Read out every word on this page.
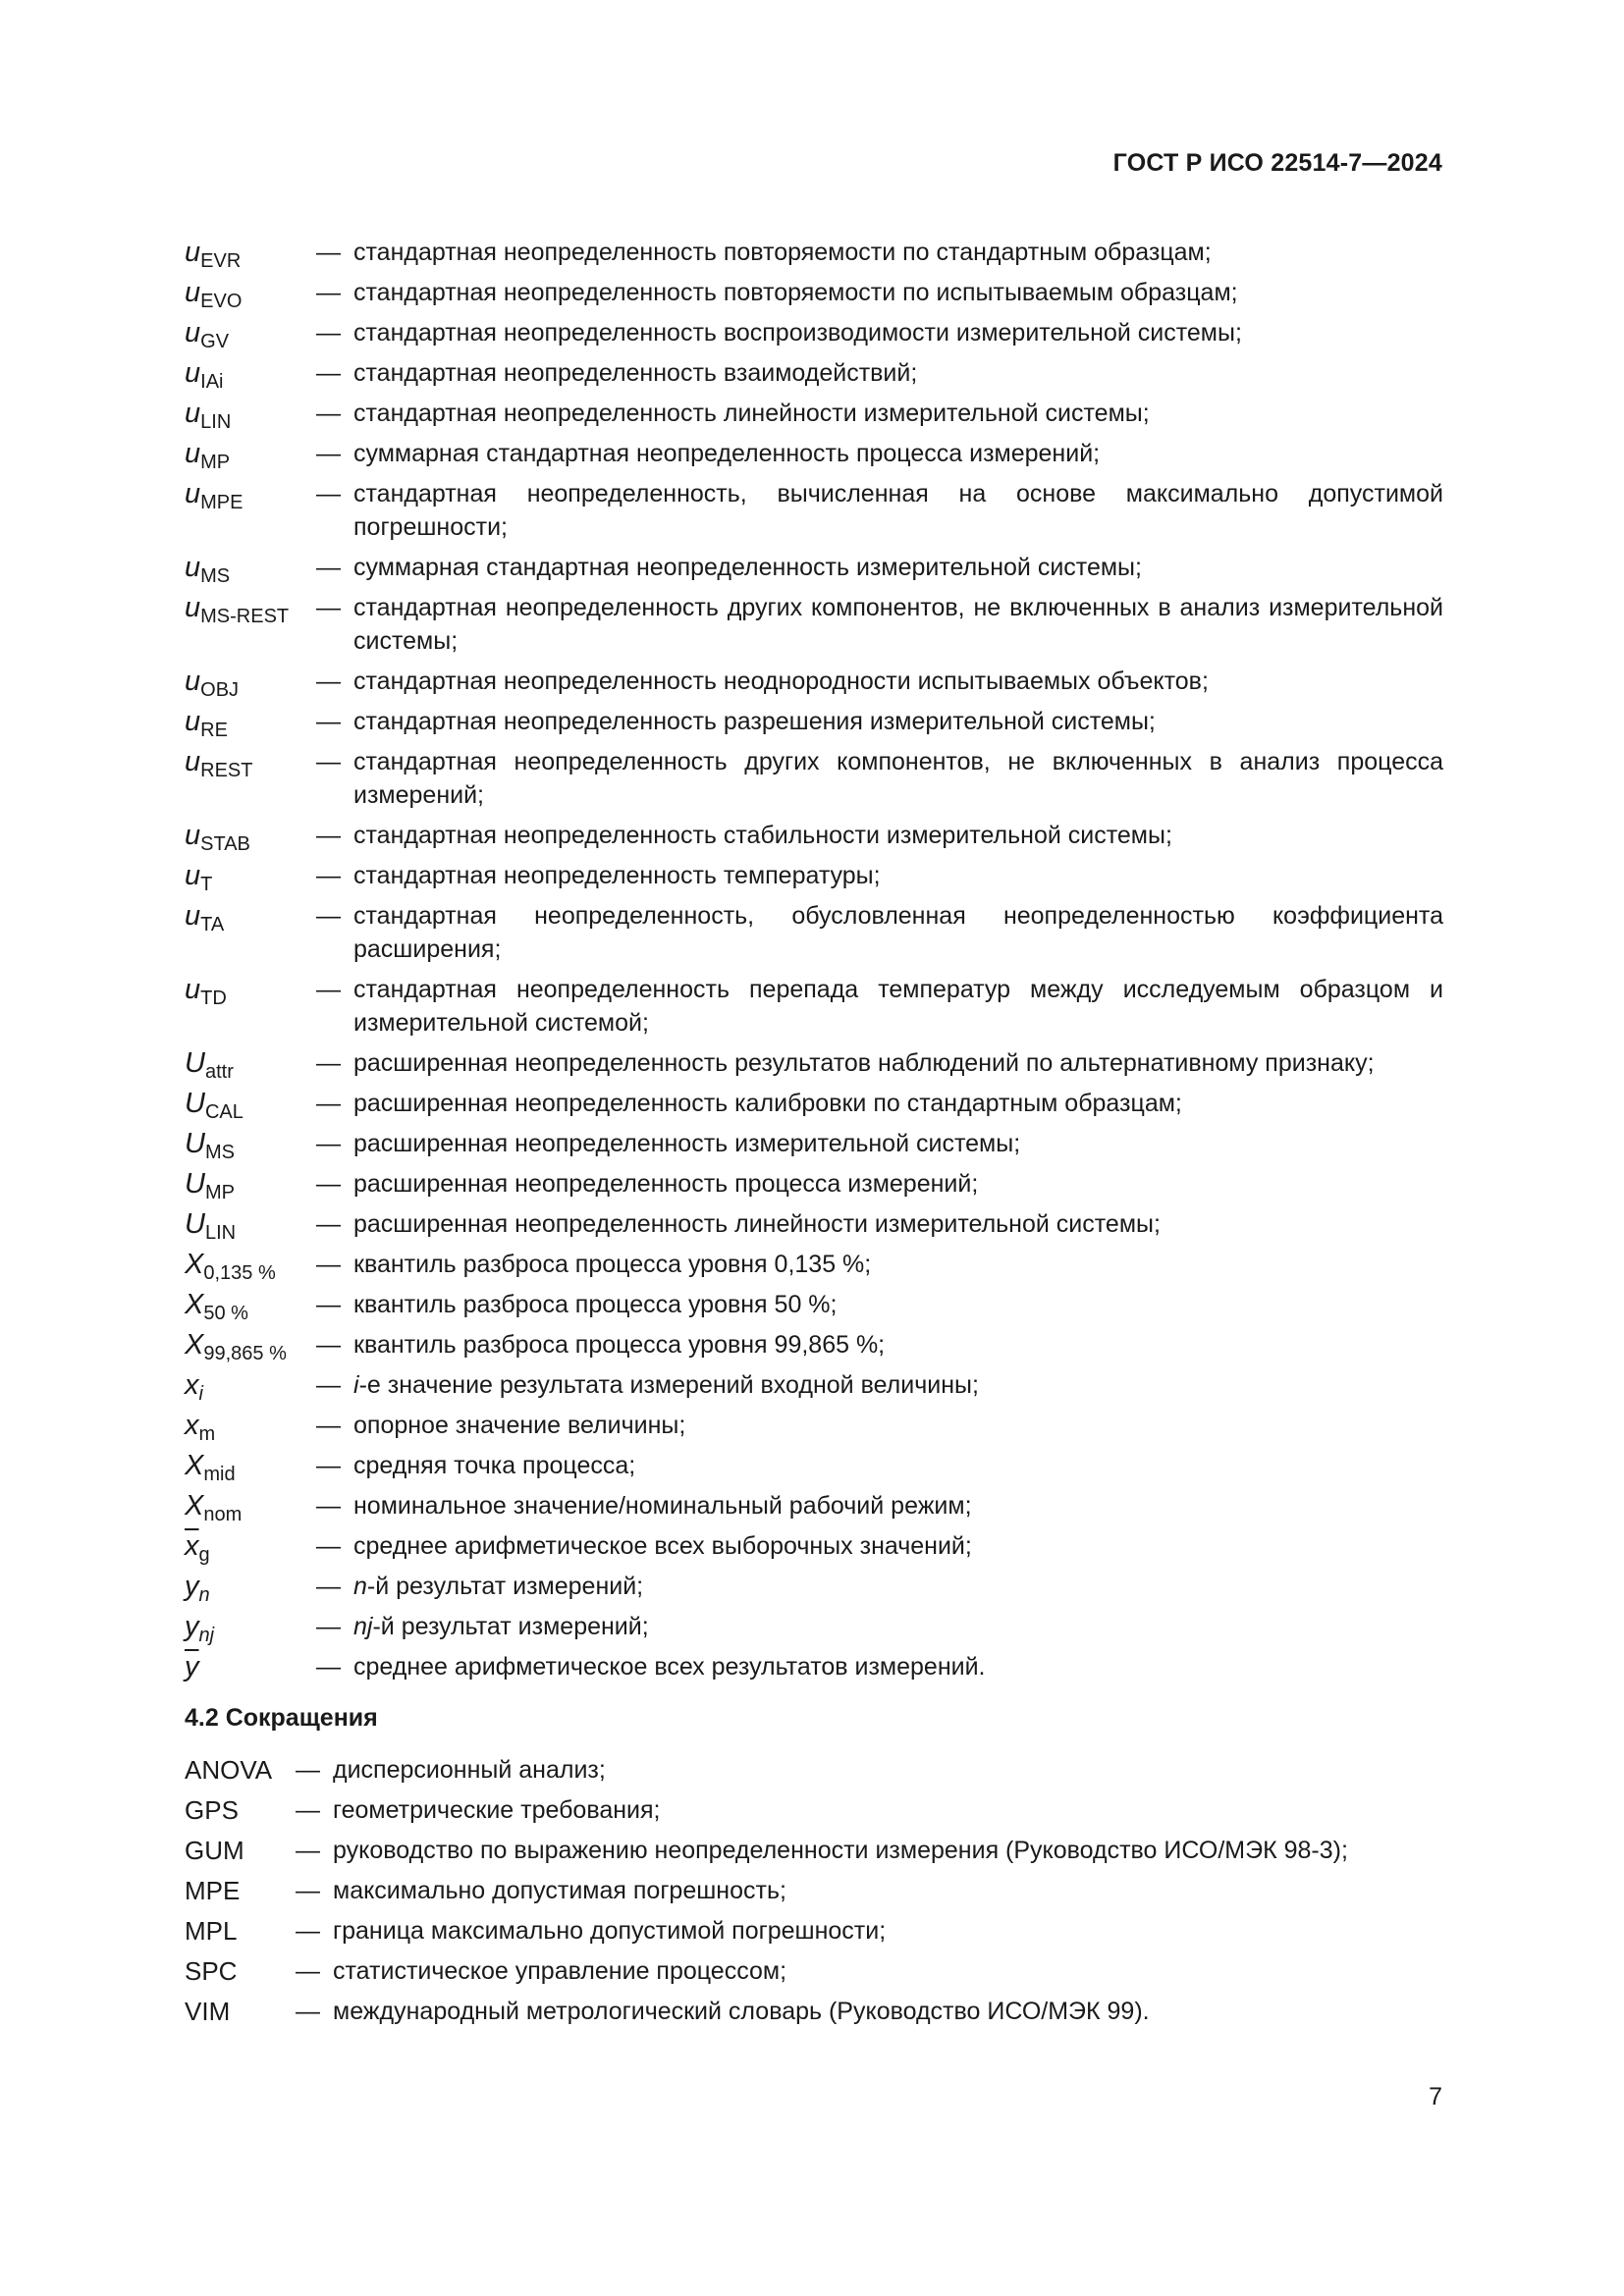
ГОСТ Р ИСО 22514-7—2024
$u_{EVR}$	— стандартная неопределенность повторяемости по стандартным образцам;
$u_{EVO}$	— стандартная неопределенность повторяемости по испытываемым образцам;
$u_{GV}$	— стандартная неопределенность воспроизводимости измерительной системы;
$u_{IAi}$	— стандартная неопределенность взаимодействий;
$u_{LIN}$	— стандартная неопределенность линейности измерительной системы;
$u_{MP}$	— суммарная стандартная неопределенность процесса измерений;
$u_{MPE}$	— стандартная неопределенность, вычисленная на основе максимально допустимой погрешности;
$u_{MS}$	— суммарная стандартная неопределенность измерительной системы;
$u_{MS-REST}$	— стандартная неопределенность других компонентов, не включенных в анализ измерительной системы;
$u_{OBJ}$	— стандартная неопределенность неоднородности испытываемых объектов;
$u_{RE}$	— стандартная неопределенность разрешения измерительной системы;
$u_{REST}$	— стандартная неопределенность других компонентов, не включенных в анализ процесса измерений;
$u_{STAB}$	— стандартная неопределенность стабильности измерительной системы;
$u_T$	— стандартная неопределенность температуры;
$u_{TA}$	— стандартная неопределенность, обусловленная неопределенностью коэффициента расширения;
$u_{TD}$	— стандартная неопределенность перепада температур между исследуемым образцом и измерительной системой;
$U_{attr}$	— расширенная неопределенность результатов наблюдений по альтернативному признаку;
$U_{CAL}$	— расширенная неопределенность калибровки по стандартным образцам;
$U_{MS}$	— расширенная неопределенность измерительной системы;
$U_{MP}$	— расширенная неопределенность процесса измерений;
$U_{LIN}$	— расширенная неопределенность линейности измерительной системы;
$X_{0,135 \%}$	— квантиль разброса процесса уровня 0,135 %;
$X_{50 \%}$	— квантиль разброса процесса уровня 50 %;
$X_{99,865 \%}$	— квантиль разброса процесса уровня 99,865 %;
$x_i$	— i-е значение результата измерений входной величины;
$x_m$	— опорное значение величины;
$X_{mid}$	— средняя точка процесса;
$X_{nom}$	— номинальное значение/номинальный рабочий режим;
$\overline{x}_g$	— среднее арифметическое всех выборочных значений;
$y_n$	— n-й результат измерений;
$y_{nj}$	— nj-й результат измерений;
$\overline{y}$	— среднее арифметическое всех результатов измерений.
4.2 Сокращения
ANOVA — дисперсионный анализ;
GPS	— геометрические требования;
GUM	— руководство по выражению неопределенности измерения (Руководство ИСО/МЭК 98-3);
MPE	— максимально допустимая погрешность;
MPL	— граница максимально допустимой погрешности;
SPC	— статистическое управление процессом;
VIM	— международный метрологический словарь (Руководство ИСО/МЭК 99).
7
